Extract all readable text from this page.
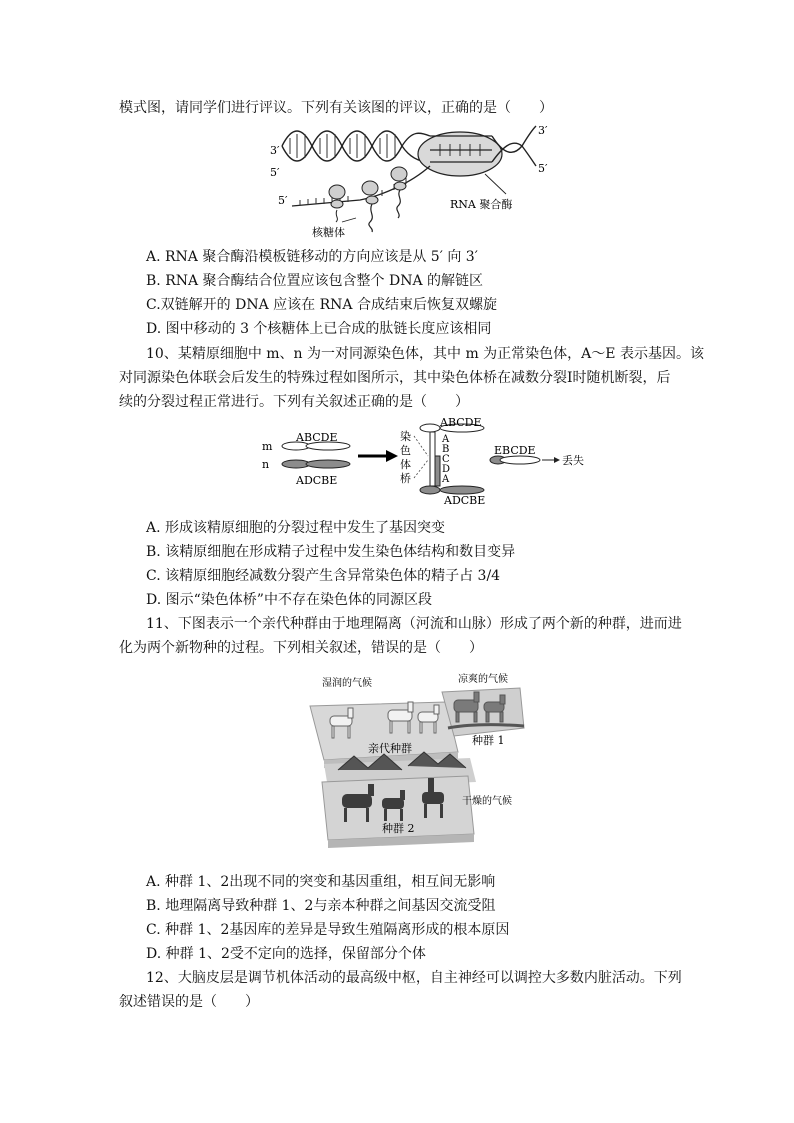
模式图，请同学们进行评议。下列有关该图的评议，正确的是（　　）
3′
5′
3′
5′
5′	RNA 聚合酶
核糖体
A. RNA 聚合酶沿模板链移动的方向应该是从 5′ 向 3′
B. RNA 聚合酶结合位置应该包含整个 DNA 的解链区
C.双链解开的 DNA 应该在 RNA 合成结束后恢复双螺旋
D. 图中移动的 3 个核糖体上已合成的肽链长度应该相同
10、某精原细胞中 m、n 为一对同源染色体，其中 m 为正常染色体，A～E 表示基因。该
对同源染色体联会后发生的特殊过程如图所示，其中染色体桥在减数分裂Ⅰ时随机断裂，后
续的分裂过程正常进行。下列有关叙述正确的是（　　）
m
n
ABCDE
ADCBE
染
色
体
桥
ABCDE
ADCBE
A
B
C
D
A
EBCDE
丢失
A. 形成该精原细胞的分裂过程中发生了基因突变
B. 该精原细胞在形成精子过程中发生染色体结构和数目变异
C. 该精原细胞经减数分裂产生含异常染色体的精子占 3/4
D. 图示“染色体桥”中不存在染色体的同源区段
11、下图表示一个亲代种群由于地理隔离（河流和山脉）形成了两个新的种群，进而进
化为两个新物种的过程。下列相关叙述，错误的是（　　）
湿润的气候	凉爽的气候
亲代种群
种群 1
干燥的气候
种群 2
A. 种群 1、2出现不同的突变和基因重组，相互间无影响
B. 地理隔离导致种群 1、2与亲本种群之间基因交流受阻
C. 种群 1、2基因库的差异是导致生殖隔离形成的根本原因
D. 种群 1、2受不定向的选择，保留部分个体
12、大脑皮层是调节机体活动的最高级中枢，自主神经可以调控大多数内脏活动。下列
叙述错误的是（　　）
